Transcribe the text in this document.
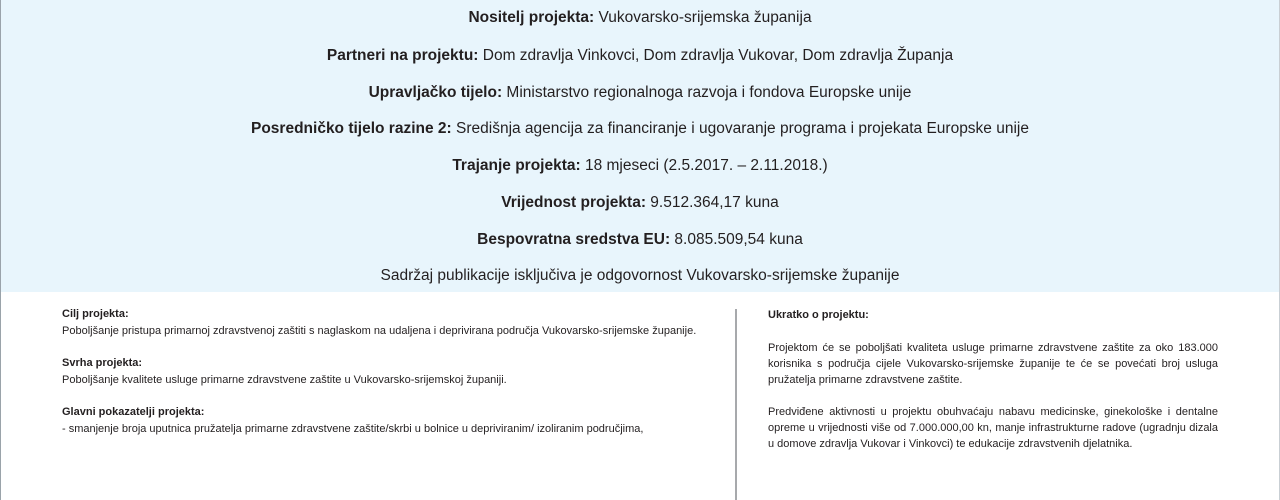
Nositelj projekta: Vukovarsko-srijemska županija
Partneri na projektu: Dom zdravlja Vinkovci, Dom zdravlja Vukovar, Dom zdravlja Županja
Upravljačko tijelo: Ministarstvo regionalnoga razvoja i fondova Europske unije
Posredničko tijelo razine 2: Središnja agencija za financiranje i ugovaranje programa i projekata Europske unije
Trajanje projekta: 18 mjeseci (2.5.2017. – 2.11.2018.)
Vrijednost projekta: 9.512.364,17 kuna
Bespovratna sredstva EU: 8.085.509,54 kuna
Sadržaj publikacije isključiva je odgovornost Vukovarsko-srijemske županije

Cilj projekta:

Poboljšanje pristupa primarnoj zdravstvenoj zaštiti s naglaskom na udaljena i deprivirana područja Vukovarsko-srijemske županije.

Svrha projekta:

Poboljšanje kvalitete usluge primarne zdravstvene zaštite u Vukovarsko-srijemskoj županiji.

Glavni pokazatelji projekta:

- smanjenje broja uputnica pružatelja primarne zdravstvene zaštite/skrbi u bolnice u depriviranim/ izoliranim područjima,

Ukratko o projektu:

Projektom će se poboljšati kvaliteta usluge primarne zdravstvene zaštite za oko 183.000 korisnika s područja cijele Vukovarsko-srijemske županije te će se povećati broj usluga pružatelja primarne zdravstvene zaštite.

Predviđene aktivnosti u projektu obuhvaćaju nabavu medicinske, ginekološke i dentalne opreme u vrijednosti više od 7.000.000,00 kn, manje infrastrukturne radove (ugradnju dizala u domove zdravlja Vukovar i Vinkovci) te edukacije zdravstvenih djelatnika.
